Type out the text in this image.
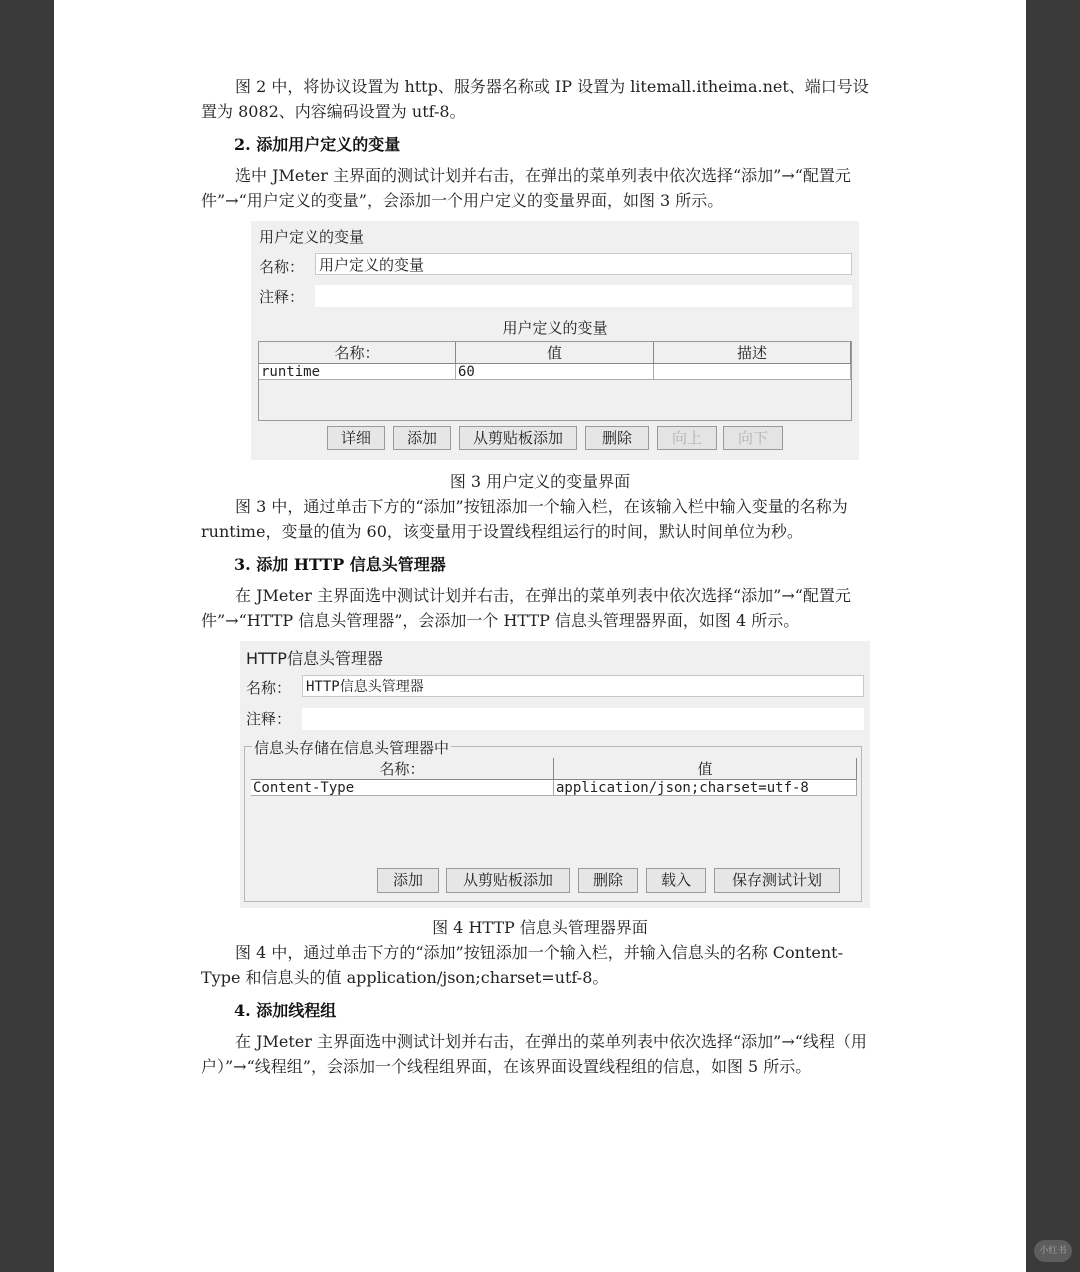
图 2 中，将协议设置为 http、服务器名称或 IP 设置为 litemall.itheima.net、端口号设置为 8082、内容编码设置为 utf-8。

2. 添加用户定义的变量

选中 JMeter 主界面的测试计划并右击，在弹出的菜单列表中依次选择“添加”→“配置元件”→“用户定义的变量”，会添加一个用户定义的变量界面，如图 3 所示。

用户定义的变量
名称： 用户定义的变量
注释：
用户定义的变量
名称：	值	描述
runtime	60
详细	添加	从剪贴板添加	删除	向上	向下
图 3 用户定义的变量界面

图 3 中，通过单击下方的“添加”按钮添加一个输入栏，在该输入栏中输入变量的名称为 runtime，变量的值为 60，该变量用于设置线程组运行的时间，默认时间单位为秒。

3. 添加 HTTP 信息头管理器

在 JMeter 主界面选中测试计划并右击，在弹出的菜单列表中依次选择“添加”→“配置元件”→“HTTP 信息头管理器”，会添加一个 HTTP 信息头管理器界面，如图 4 所示。

HTTP信息头管理器
名称： HTTP信息头管理器
注释：
信息头存储在信息头管理器中
名称：	值
Content-Type	application/json;charset=utf-8
添加	从剪贴板添加	删除	载入	保存测试计划
图 4 HTTP 信息头管理器界面

图 4 中，通过单击下方的“添加”按钮添加一个输入栏，并输入信息头的名称 Content-Type 和信息头的值 application/json;charset=utf-8。

4. 添加线程组

在 JMeter 主界面选中测试计划并右击，在弹出的菜单列表中依次选择“添加”→“线程（用户）”→“线程组”，会添加一个线程组界面，在该界面设置线程组的信息，如图 5 所示。

小红书
